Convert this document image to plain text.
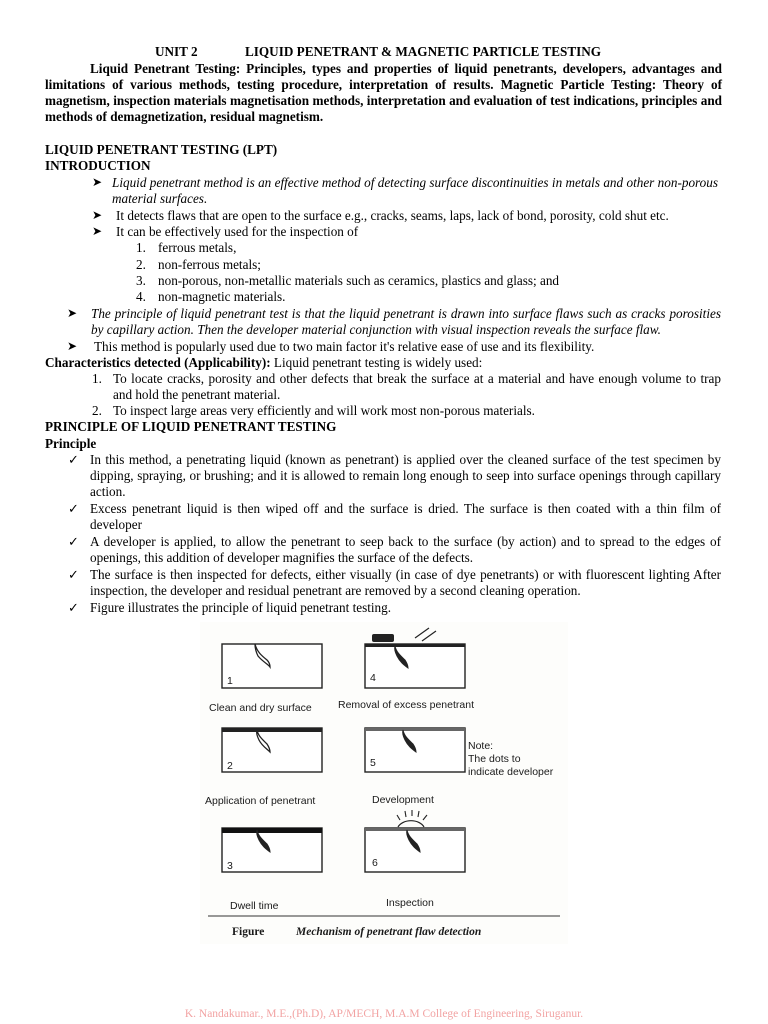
UNIT 2	LIQUID PENETRANT & MAGNETIC PARTICLE TESTING
Liquid Penetrant Testing: Principles, types and properties of liquid penetrants, developers, advantages and limitations of various methods, testing procedure, interpretation of results. Magnetic Particle Testing: Theory of magnetism, inspection materials magnetisation methods, interpretation and evaluation of test indications, principles and methods of demagnetization, residual magnetism.
LIQUID PENETRANT TESTING (LPT)
INTRODUCTION
➤ Liquid penetrant method is an effective method of detecting surface discontinuities in metals and other non-porous material surfaces.
➤ It detects flaws that are open to the surface e.g., cracks, seams, laps, lack of bond, porosity, cold shut etc.
➤ It can be effectively used for the inspection of
1. ferrous metals,
2. non-ferrous metals;
3. non-porous, non-metallic materials such as ceramics, plastics and glass; and
4. non-magnetic materials.
➤ The principle of liquid penetrant test is that the liquid penetrant is drawn into surface flaws such as cracks porosities by capillary action. Then the developer material conjunction with visual inspection reveals the surface flaw.
➤ This method is popularly used due to two main factor it's relative ease of use and its flexibility.
Characteristics detected (Applicability): Liquid penetrant testing is widely used:
1. To locate cracks, porosity and other defects that break the surface at a material and have enough volume to trap and hold the penetrant material.
2. To inspect large areas very efficiently and will work most non-porous materials.
PRINCIPLE OF LIQUID PENETRANT TESTING
Principle
✓ In this method, a penetrating liquid (known as penetrant) is applied over the cleaned surface of the test specimen by dipping, spraying, or brushing; and it is allowed to remain long enough to seep into surface openings through capillary action.
✓ Excess penetrant liquid is then wiped off and the surface is dried. The surface is then coated with a thin film of developer
✓ A developer is applied, to allow the penetrant to seep back to the surface (by action) and to spread to the edges of openings, this addition of developer magnifies the surface of the defects.
✓ The surface is then inspected for defects, either visually (in case of dye penetrants) or with fluorescent lighting After inspection, the developer and residual penetrant are removed by a second cleaning operation.
✓ Figure illustrates the principle of liquid penetrant testing.
1
Clean and dry surface
4
Removal of excess penetrant
2
Application of penetrant
5
Development
Note:
The dots to
indicate developer
3
Dwell time
6
Inspection
Figure	Mechanism of penetrant flaw detection
K. Nandakumar., M.E.,(Ph.D), AP/MECH, M.A.M College of Engineering, Siruganur.
